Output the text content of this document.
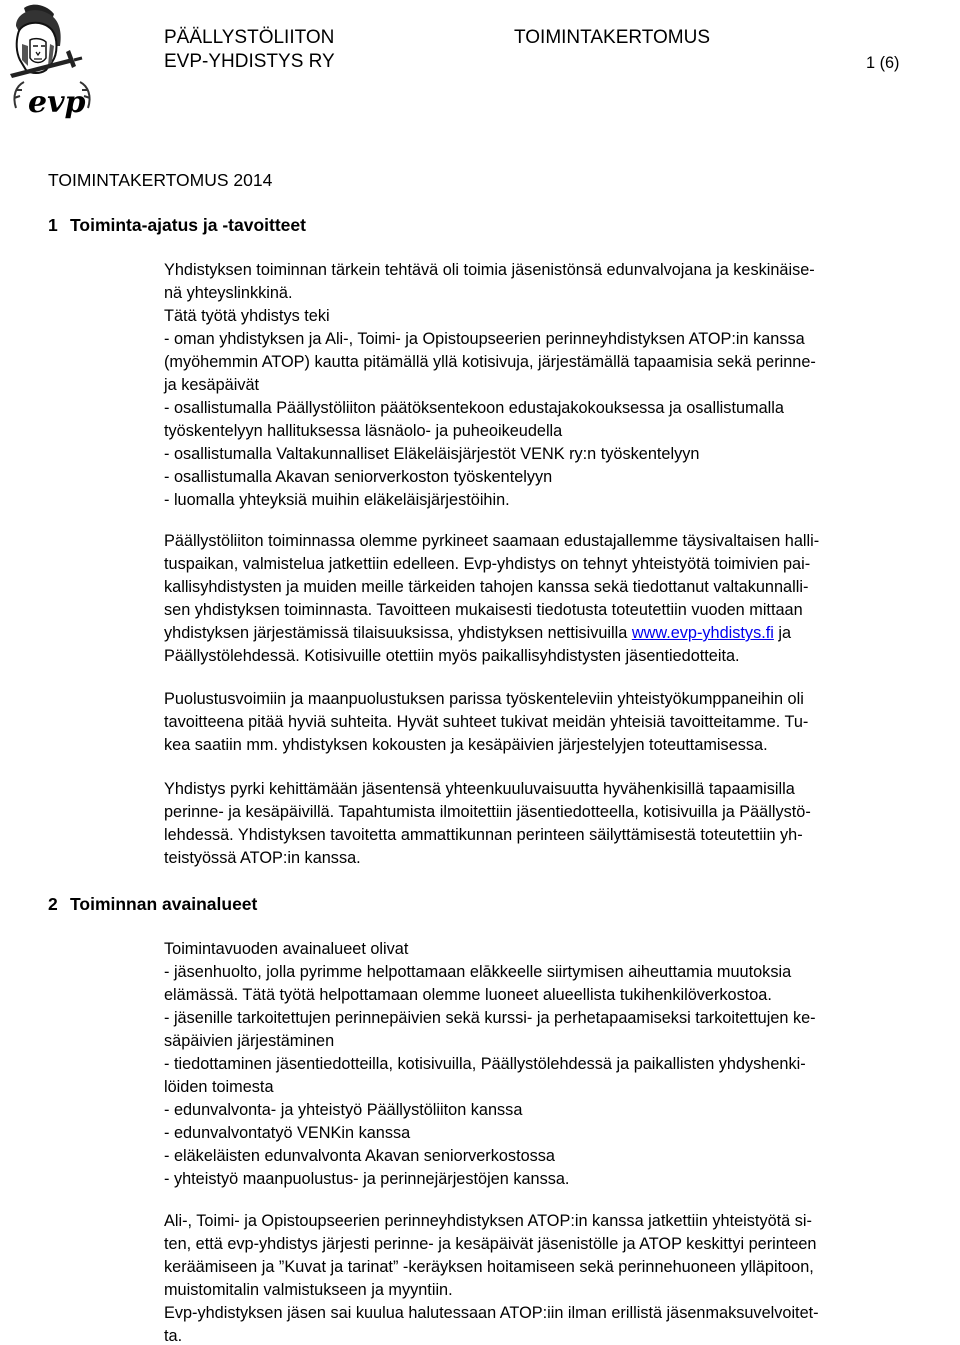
evp
PÄÄLLYSTÖLIITON
EVP-YHDISTYS RY
TOIMINTAKERTOMUS
1 (6)
TOIMINTAKERTOMUS 2014
1 Toiminta-ajatus ja -tavoitteet
Yhdistyksen toiminnan tärkein tehtävä oli toimia jäsenistönsä edunvalvojana ja keskinäise-
nä yhteyslinkkinä.
Tätä työtä yhdistys teki
- oman yhdistyksen ja Ali-, Toimi- ja Opistoupseerien perinneyhdistyksen ATOP:in kanssa
(myöhemmin ATOP) kautta pitämällä yllä kotisivuja, järjestämällä tapaamisia sekä perinne-
ja kesäpäivät
- osallistumalla Päällystöliiton päätöksentekoon edustajakokouksessa ja osallistumalla
työskentelyyn hallituksessa läsnäolo- ja puheoikeudella
- osallistumalla Valtakunnalliset Eläkeläisjärjestöt VENK ry:n työskentelyyn
- osallistumalla Akavan seniorverkoston työskentelyyn
- luomalla yhteyksiä muihin eläkeläisjärjestöihin.
Päällystöliiton toiminnassa olemme pyrkineet saamaan edustajallemme täysivaltaisen halli-
tuspaikan, valmistelua jatkettiin edelleen. Evp-yhdistys on tehnyt yhteistyötä toimivien pai-
kallisyhdistysten ja muiden meille tärkeiden tahojen kanssa sekä tiedottanut valtakunnalli-
sen yhdistyksen toiminnasta. Tavoitteen mukaisesti tiedotusta toteutettiin vuoden mittaan
yhdistyksen järjestämissä tilaisuuksissa, yhdistyksen nettisivuilla www.evp-yhdistys.fi ja
Päällystölehdessä. Kotisivuille otettiin myös paikallisyhdistysten jäsentiedotteita.
Puolustusvoimiin ja maanpuolustuksen parissa työskenteleviin yhteistyökumppaneihin oli
tavoitteena pitää hyviä suhteita. Hyvät suhteet tukivat meidän yhteisiä tavoitteitamme. Tu-
kea saatiin mm. yhdistyksen kokousten ja kesäpäivien järjestelyjen toteuttamisessa.
Yhdistys pyrki kehittämään jäsentensä yhteenkuuluvaisuutta hyvähenkisillä tapaamisilla
perinne- ja kesäpäivillä. Tapahtumista ilmoitettiin jäsentiedotteella, kotisivuilla ja Päällystö-
lehdessä. Yhdistyksen tavoitetta ammattikunnan perinteen säilyttämisestä toteutettiin yh-
teistyössä ATOP:in kanssa.
2 Toiminnan avainalueet
Toimintavuoden avainalueet olivat
- jäsenhuolto, jolla pyrimme helpottamaan elākkeelle siirtymisen aiheuttamia muutoksia
elämässä. Tätä työtä helpottamaan olemme luoneet alueellista tukihenkilöverkostoa.
- jäsenille tarkoitettujen perinnepäivien sekä kurssi- ja perhetapaamiseksi tarkoitettujen ke-
säpäivien järjestäminen
- tiedottaminen jäsentiedotteilla, kotisivuilla, Päällystölehdessä ja paikallisten yhdyshenki-
löiden toimesta
- edunvalvonta- ja yhteistyö Päällystöliiton kanssa
- edunvalvontatyö VENKin kanssa
- eläkeläisten edunvalvonta Akavan seniorverkostossa
- yhteistyö maanpuolustus- ja perinnejärjestöjen kanssa.
Ali-, Toimi- ja Opistoupseerien perinneyhdistyksen ATOP:in kanssa jatkettiin yhteistyötä si-
ten, että evp-yhdistys järjesti perinne- ja kesäpäivät jäsenistölle ja ATOP keskittyi perinteen
keräämiseen ja ”Kuvat ja tarinat” -keräyksen hoitamiseen sekä perinnehuoneen ylläpitoon,
muistomitalin valmistukseen ja myyntiin.
Evp-yhdistyksen jäsen sai kuulua halutessaan ATOP:iin ilman erillistä jäsenmaksuvelvoitet-
ta.
